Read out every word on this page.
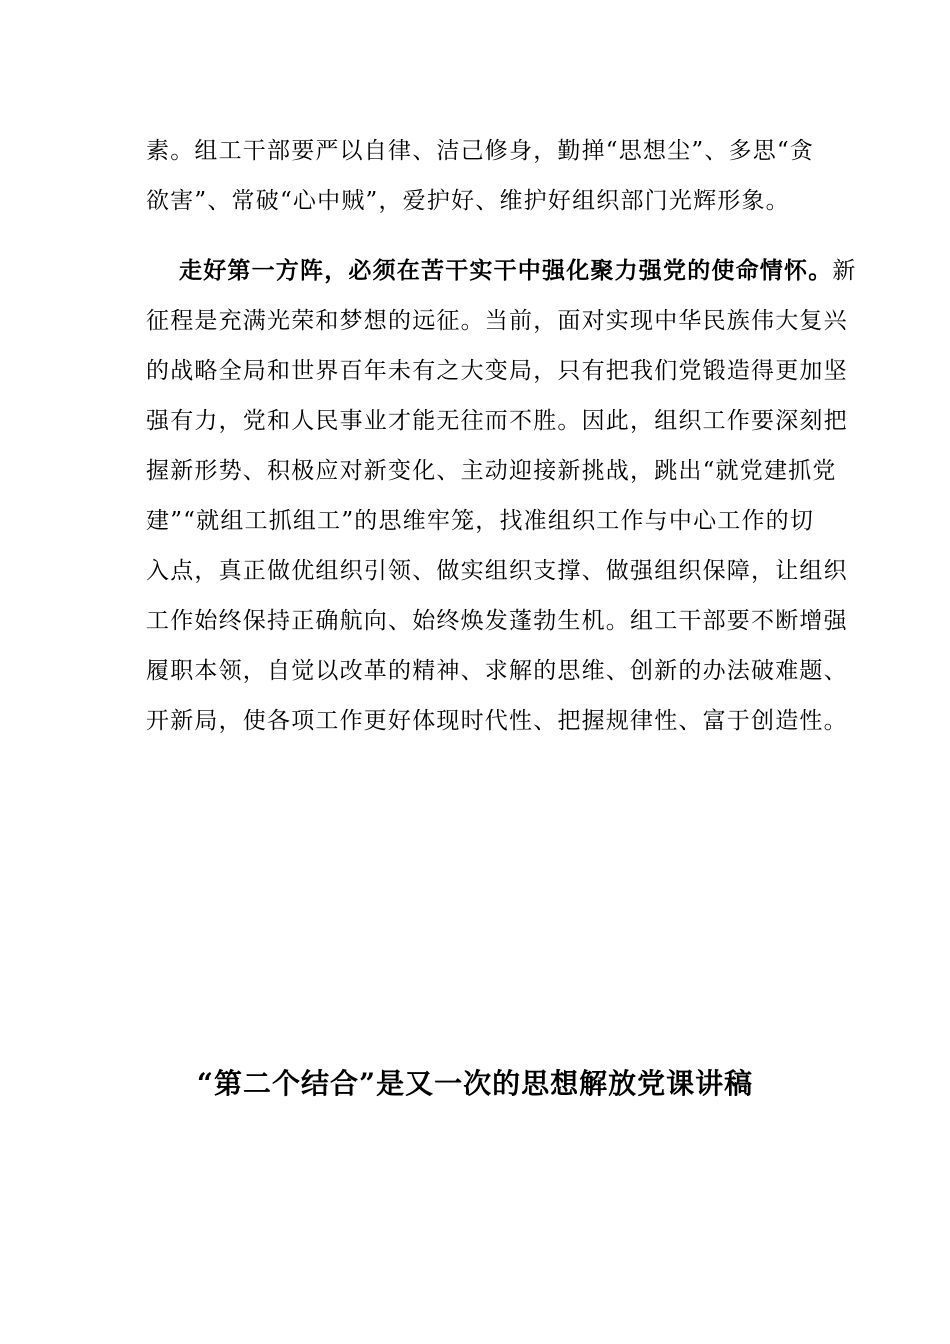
素。组工干部要严以自律、洁己修身，勤掸“思想尘”、多思“贪
欲害”、常破“心中贼”，爱护好、维护好组织部门光辉形象。
走好第一方阵，必须在苦干实干中强化聚力强党的使命情怀。新
征程是充满光荣和梦想的远征。当前，面对实现中华民族伟大复兴
的战略全局和世界百年未有之大变局，只有把我们党锻造得更加坚
强有力，党和人民事业才能无往而不胜。因此，组织工作要深刻把
握新形势、积极应对新变化、主动迎接新挑战，跳出“就党建抓党
建”“就组工抓组工”的思维牢笼，找准组织工作与中心工作的切
入点，真正做优组织引领、做实组织支撑、做强组织保障，让组织
工作始终保持正确航向、始终焕发蓬勃生机。组工干部要不断增强
履职本领，自觉以改革的精神、求解的思维、创新的办法破难题、
开新局，使各项工作更好体现时代性、把握规律性、富于创造性。
“第二个结合”是又一次的思想解放党课讲稿
